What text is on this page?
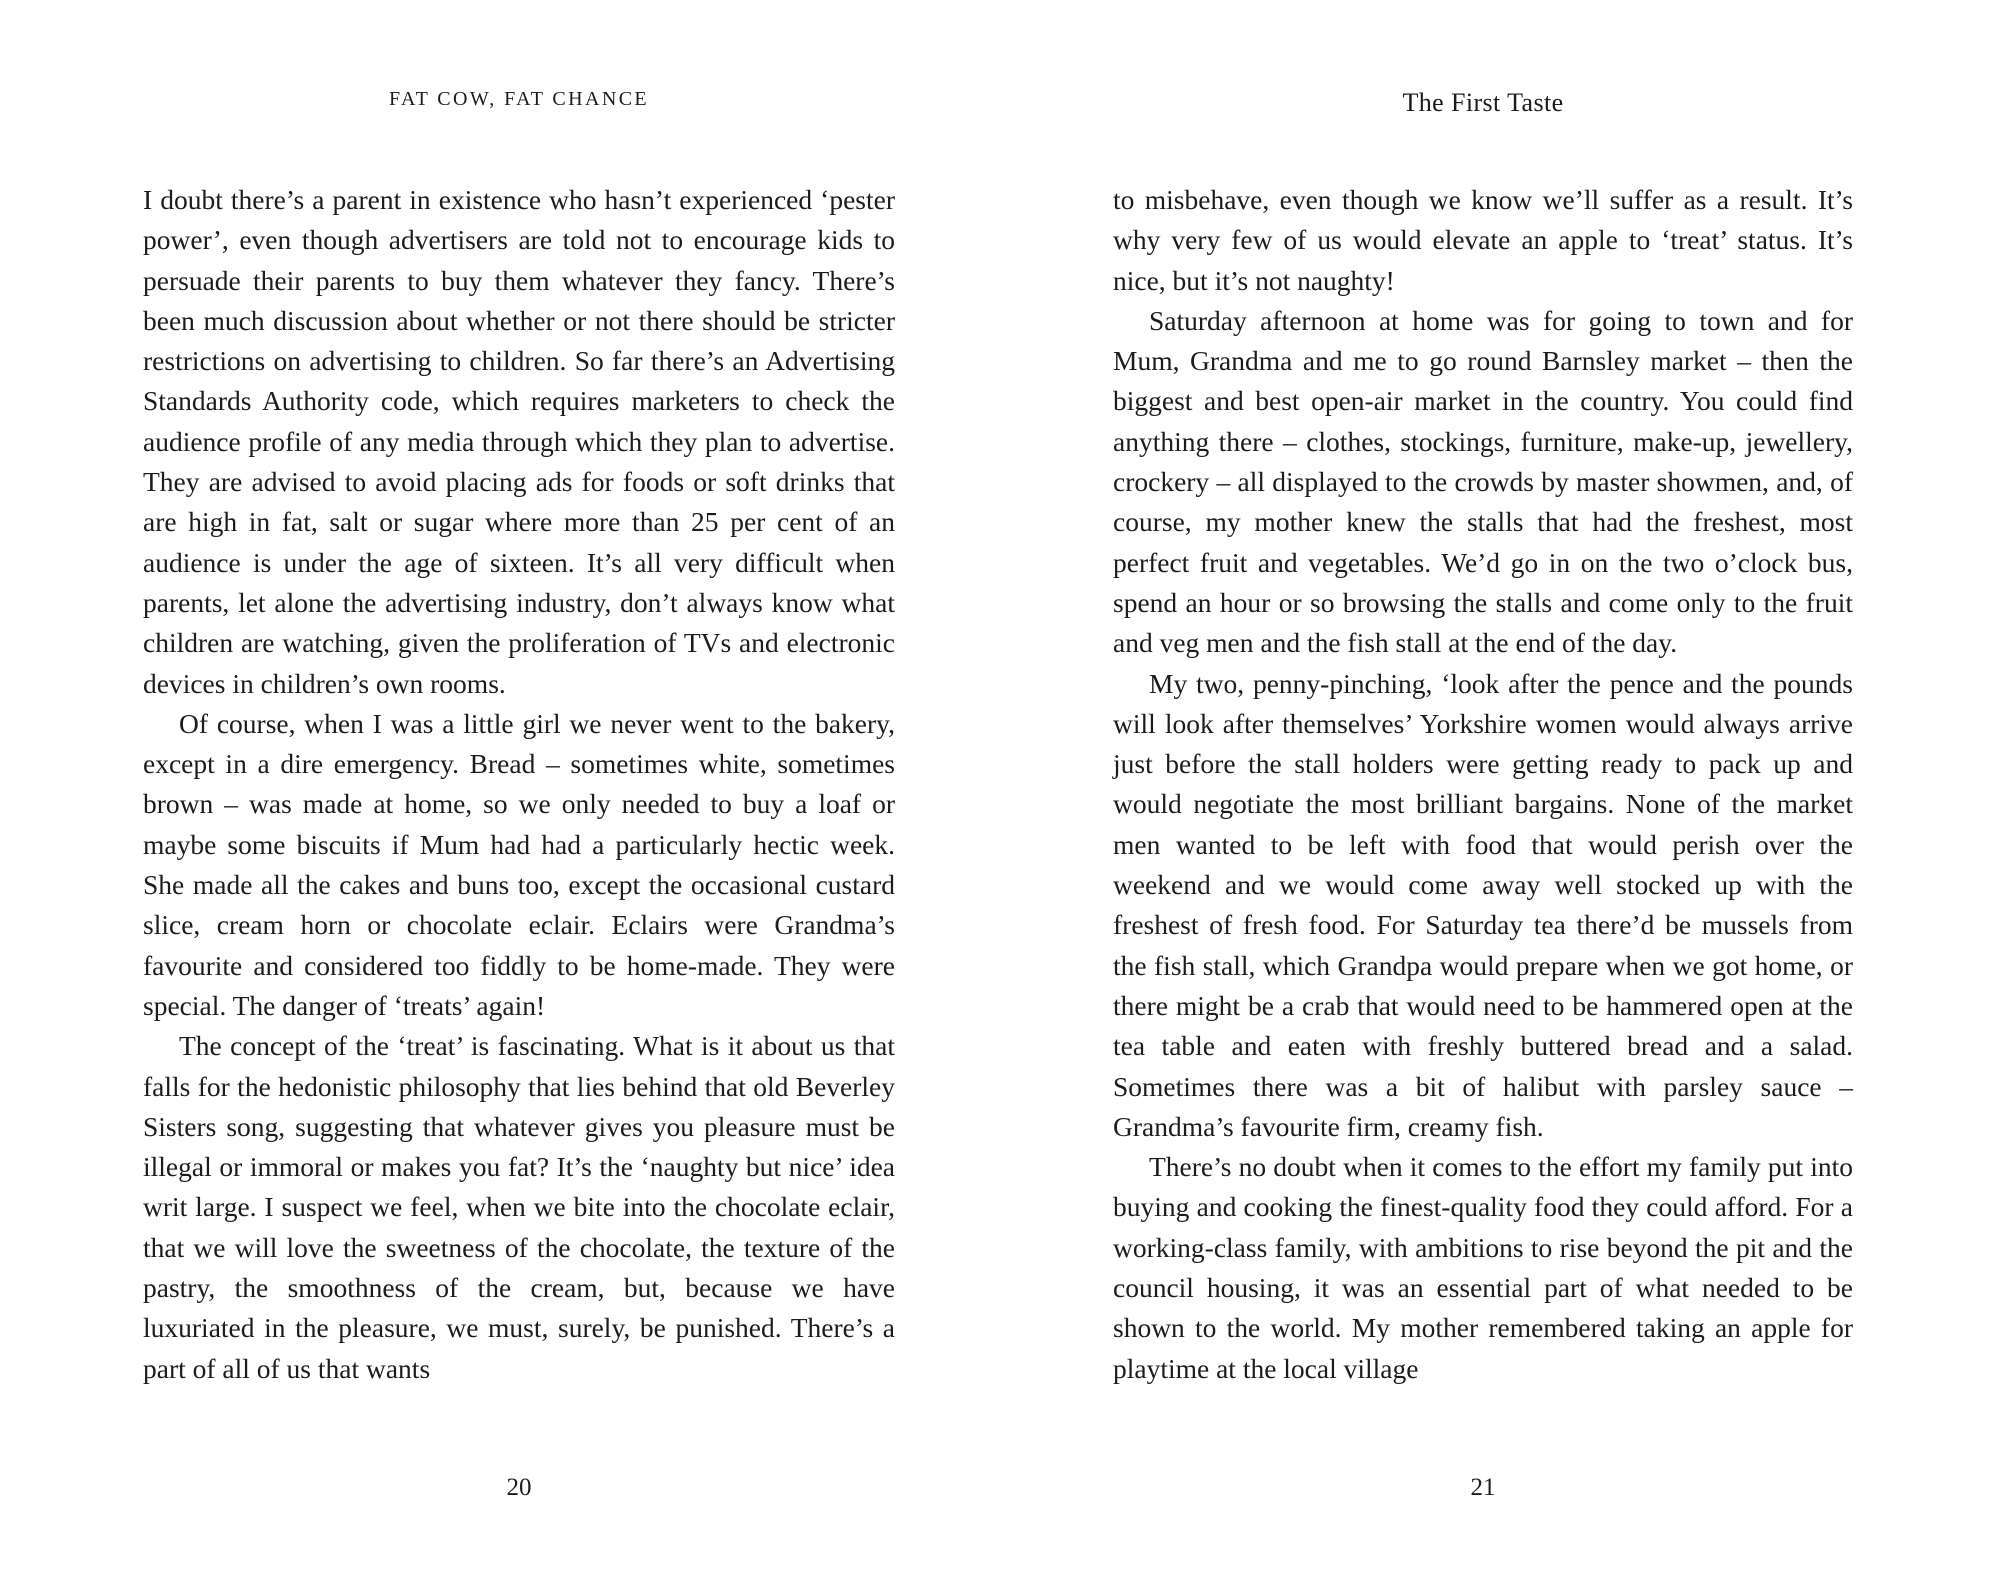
FAT COW, FAT CHANCE

I doubt there’s a parent in existence who hasn’t experienced ‘pester power’, even though advertisers are told not to encourage kids to persuade their parents to buy them whatever they fancy. There’s been much discussion about whether or not there should be stricter restrictions on advertising to children. So far there’s an Advertising Standards Authority code, which requires marketers to check the audience profile of any media through which they plan to advertise. They are advised to avoid placing ads for foods or soft drinks that are high in fat, salt or sugar where more than 25 per cent of an audience is under the age of sixteen. It’s all very difficult when parents, let alone the advertising industry, don’t always know what children are watching, given the proliferation of TVs and electronic devices in children’s own rooms.

Of course, when I was a little girl we never went to the bakery, except in a dire emergency. Bread – sometimes white, sometimes brown – was made at home, so we only needed to buy a loaf or maybe some biscuits if Mum had had a particularly hectic week. She made all the cakes and buns too, except the occasional custard slice, cream horn or chocolate eclair. Eclairs were Grandma’s favourite and considered too fiddly to be home-made. They were special. The danger of ‘treats’ again!

The concept of the ‘treat’ is fascinating. What is it about us that falls for the hedonistic philosophy that lies behind that old Beverley Sisters song, suggesting that whatever gives you pleasure must be illegal or immoral or makes you fat? It’s the ‘naughty but nice’ idea writ large. I suspect we feel, when we bite into the chocolate eclair, that we will love the sweetness of the chocolate, the texture of the pastry, the smoothness of the cream, but, because we have luxuriated in the pleasure, we must, surely, be punished. There’s a part of all of us that wants

20
The First Taste

to misbehave, even though we know we’ll suffer as a result. It’s why very few of us would elevate an apple to ‘treat’ status. It’s nice, but it’s not naughty!

Saturday afternoon at home was for going to town and for Mum, Grandma and me to go round Barnsley market – then the biggest and best open-air market in the country. You could find anything there – clothes, stockings, furniture, make-up, jewellery, crockery – all displayed to the crowds by master showmen, and, of course, my mother knew the stalls that had the freshest, most perfect fruit and vegetables. We’d go in on the two o’clock bus, spend an hour or so browsing the stalls and come only to the fruit and veg men and the fish stall at the end of the day.

My two, penny-pinching, ‘look after the pence and the pounds will look after themselves’ Yorkshire women would always arrive just before the stall holders were getting ready to pack up and would negotiate the most brilliant bargains. None of the market men wanted to be left with food that would perish over the weekend and we would come away well stocked up with the freshest of fresh food. For Saturday tea there’d be mussels from the fish stall, which Grandpa would prepare when we got home, or there might be a crab that would need to be hammered open at the tea table and eaten with freshly buttered bread and a salad. Sometimes there was a bit of halibut with parsley sauce – Grandma’s favourite firm, creamy fish.

There’s no doubt when it comes to the effort my family put into buying and cooking the finest-quality food they could afford. For a working-class family, with ambitions to rise beyond the pit and the council housing, it was an essential part of what needed to be shown to the world. My mother remembered taking an apple for playtime at the local village

21
